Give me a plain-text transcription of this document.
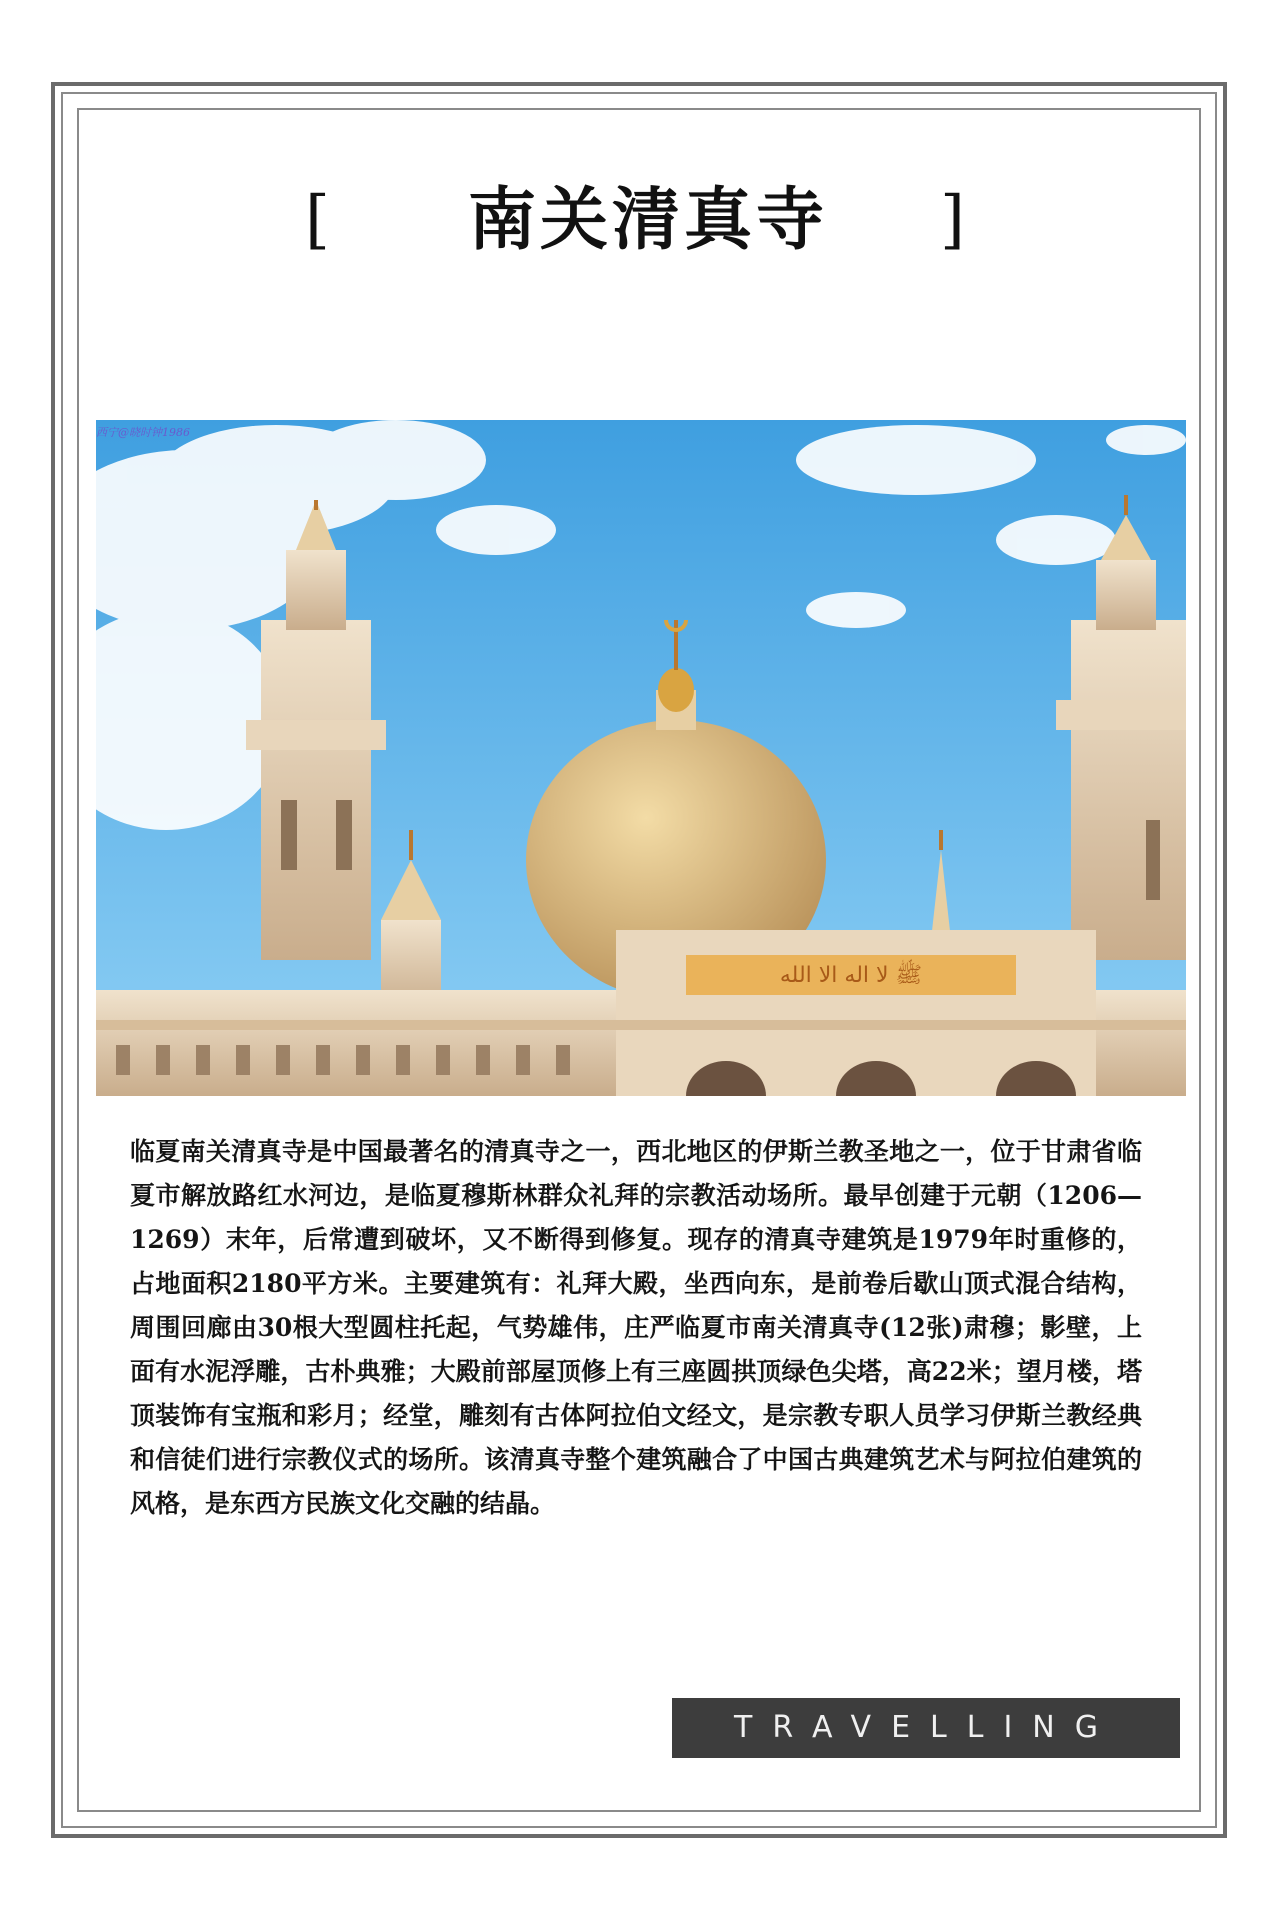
[ 南关清真寺 ]
ﷺ ﻻ ﺍﻟﻪ ﺍﻻ ﺍﻟﻠﻪ
西宁@晓时钟1986

临夏南关清真寺是中国最著名的清真寺之一，西北地区的伊斯兰教圣地之一，位于甘肃省临夏市解放路红水河边，是临夏穆斯林群众礼拜的宗教活动场所。最早创建于元朝（1206—1269）末年，后常遭到破坏，又不断得到修复。现存的清真寺建筑是1979年时重修的，占地面积2180平方米。主要建筑有：礼拜大殿，坐西向东，是前卷后歇山顶式混合结构，周围回廊由30根大型圆柱托起，气势雄伟，庄严临夏市南关清真寺(12张)肃穆；影壁，上面有水泥浮雕，古朴典雅；大殿前部屋顶修上有三座圆拱顶绿色尖塔，高22米；望月楼，塔顶装饰有宝瓶和彩月；经堂，雕刻有古体阿拉伯文经文，是宗教专职人员学习伊斯兰教经典和信徒们进行宗教仪式的场所。该清真寺整个建筑融合了中国古典建筑艺术与阿拉伯建筑的风格，是东西方民族文化交融的结晶。

TRAVELLING
